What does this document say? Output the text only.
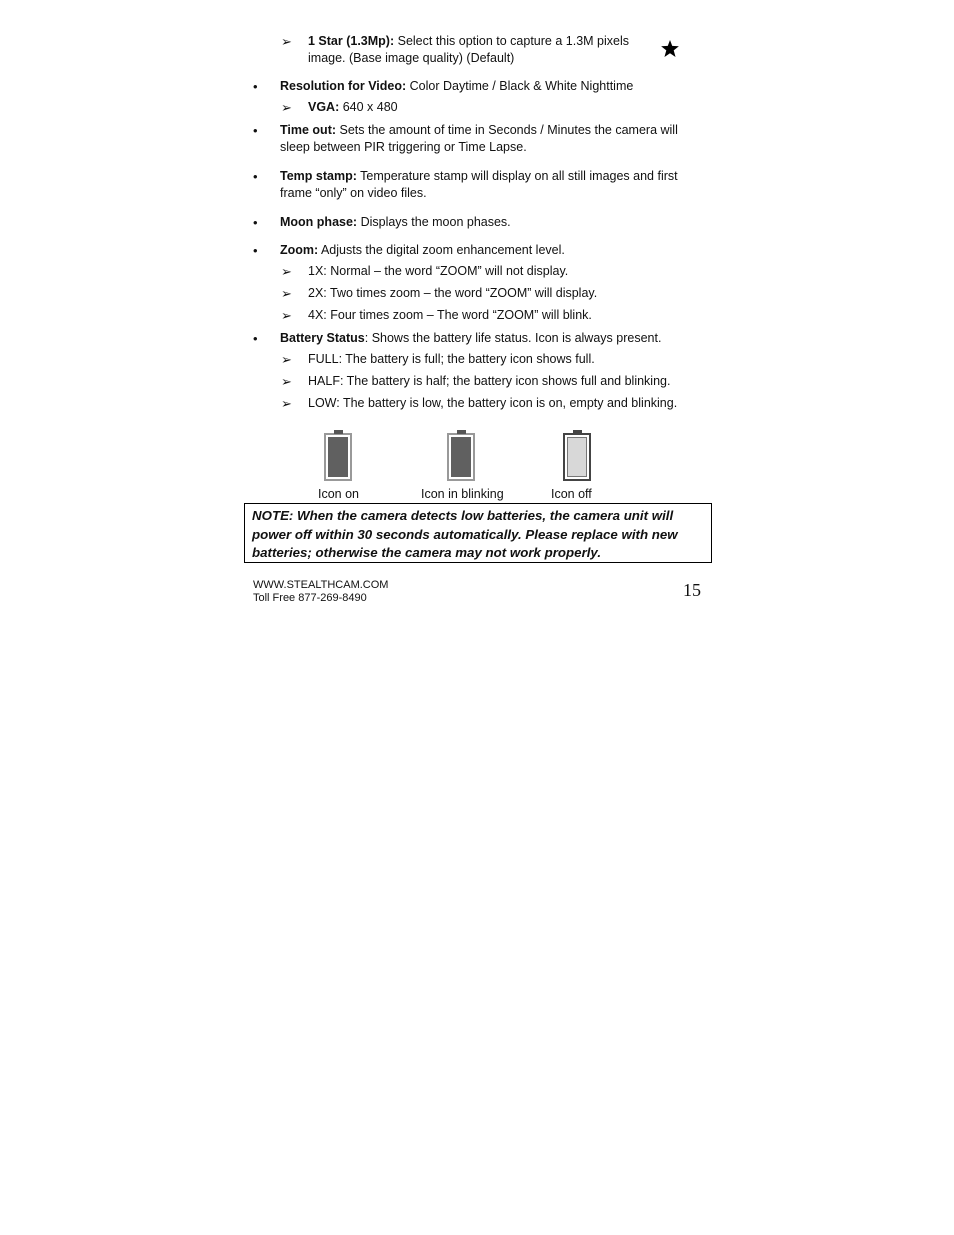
➢ 1 Star (1.3Mp): Select this option to capture a 1.3M pixels
image. (Base image quality) (Default)
• Resolution for Video: Color Daytime / Black & White Nighttime
➢ VGA: 640 x 480
• Time out: Sets the amount of time in Seconds / Minutes the camera will
sleep between PIR triggering or Time Lapse.
• Temp stamp: Temperature stamp will display on all still images and first
frame “only” on video files.
• Moon phase: Displays the moon phases.
• Zoom: Adjusts the digital zoom enhancement level.
➢ 1X: Normal – the word “ZOOM” will not display.
➢ 2X: Two times zoom – the word “ZOOM” will display.
➢ 4X: Four times zoom – The word “ZOOM” will blink.
• Battery Status: Shows the battery life status. Icon is always present.
➢ FULL: The battery is full; the battery icon shows full.
➢ HALF: The battery is half; the battery icon shows full and blinking.
➢ LOW: The battery is low, the battery icon is on, empty and blinking.
Icon on	Icon in blinking	Icon off
NOTE: When the camera detects low batteries, the camera unit will power off within 30 seconds automatically. Please replace with new batteries; otherwise the camera may not work properly.
WWW.STEALTHCAM.COM
Toll Free 877-269-8490	15
